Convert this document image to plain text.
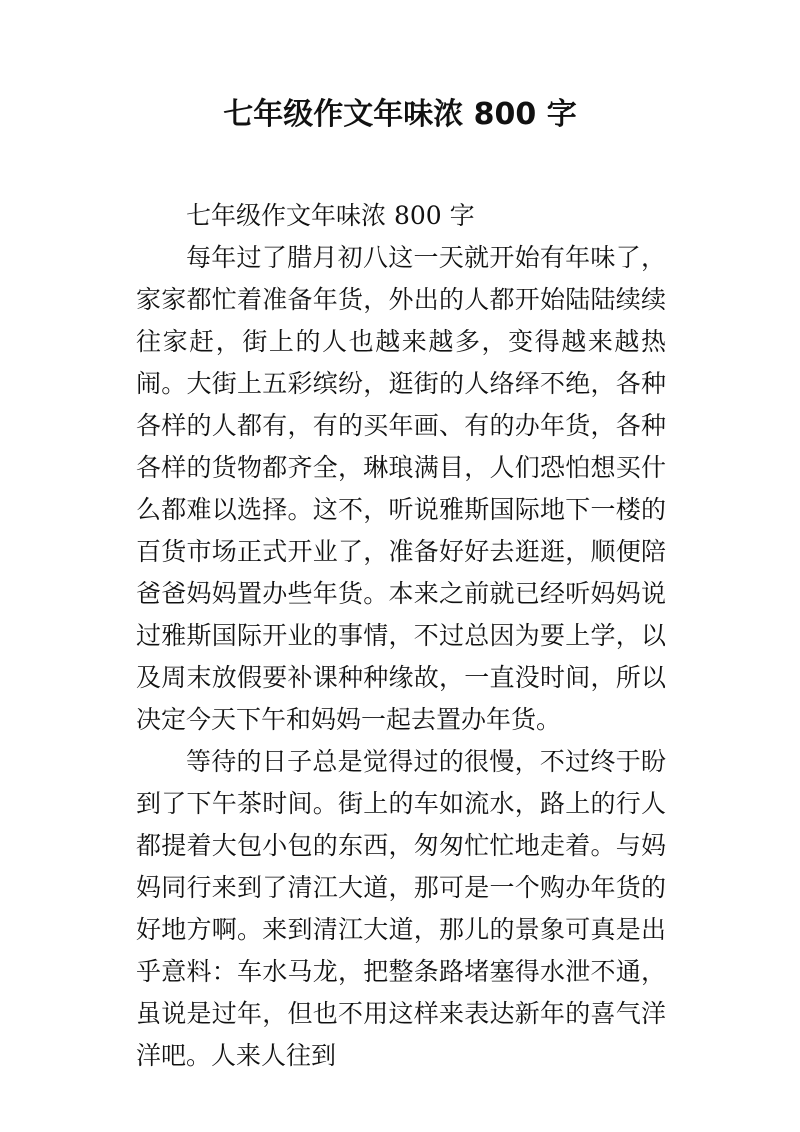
七年级作文年味浓 800 字

七年级作文年味浓 800 字

每年过了腊月初八这一天就开始有年味了，家家都忙着准备年货，外出的人都开始陆陆续续往家赶，街上的人也越来越多，变得越来越热闹。大街上五彩缤纷，逛街的人络绎不绝，各种各样的人都有，有的买年画、有的办年货，各种各样的货物都齐全，琳琅满目，人们恐怕想买什么都难以选择。这不，听说雅斯国际地下一楼的百货市场正式开业了，准备好好去逛逛，顺便陪爸爸妈妈置办些年货。本来之前就已经听妈妈说过雅斯国际开业的事情，不过总因为要上学，以及周末放假要补课种种缘故，一直没时间，所以决定今天下午和妈妈一起去置办年货。

等待的日子总是觉得过的很慢，不过终于盼到了下午茶时间。街上的车如流水，路上的行人都提着大包小包的东西，匆匆忙忙地走着。与妈妈同行来到了清江大道，那可是一个购办年货的好地方啊。来到清江大道，那儿的景象可真是出乎意料：车水马龙，把整条路堵塞得水泄不通，虽说是过年，但也不用这样来表达新年的喜气洋洋吧。人来人往到
